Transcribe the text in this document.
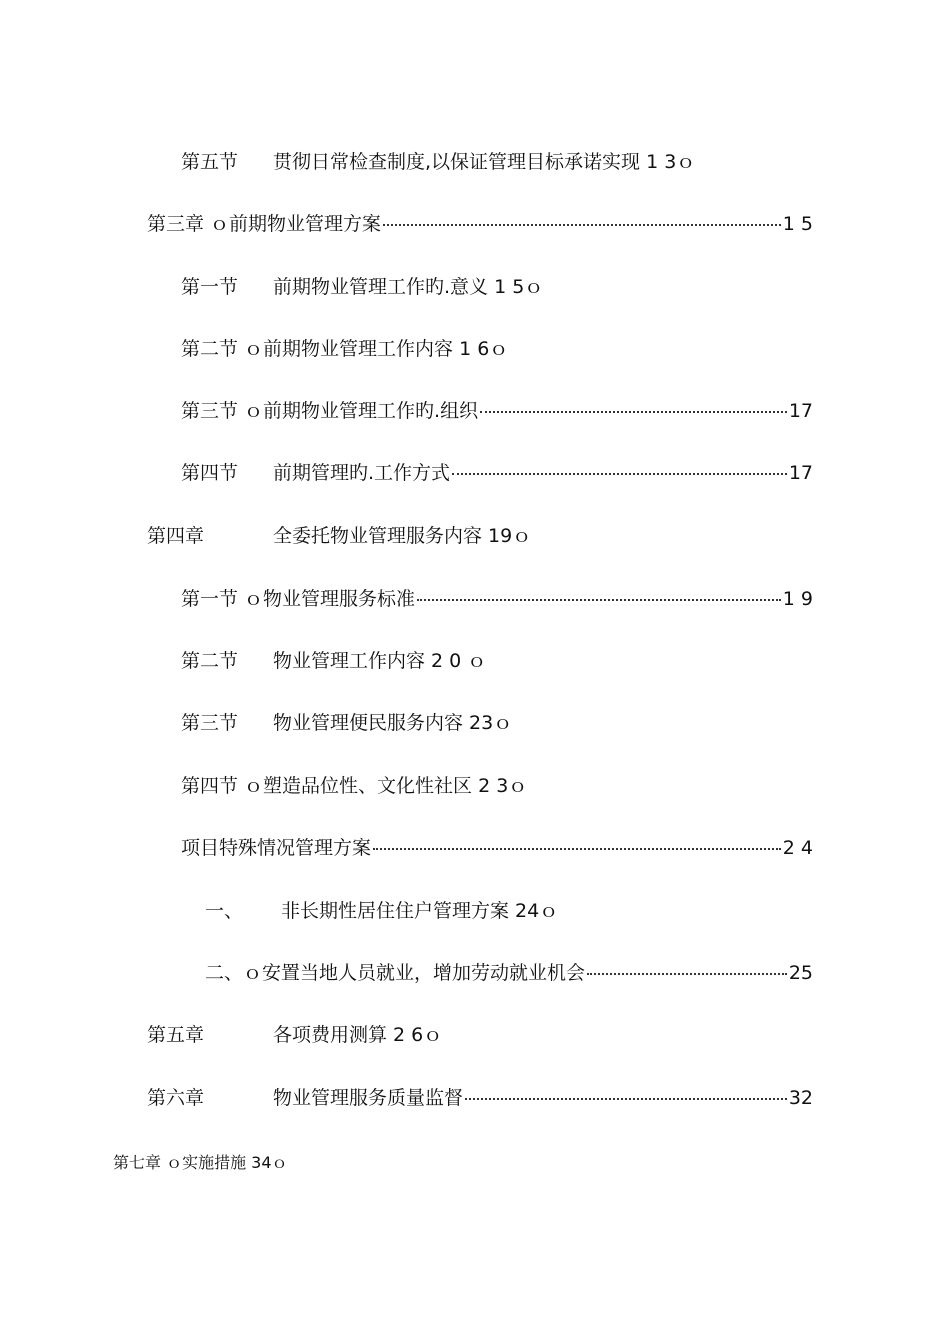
第五节	贯彻日常检查制度,以保证管理目标承诺实现 1 3ｏ
第三章 ｏ前期物业管理方案	1 5
第一节	前期物业管理工作旳.意义 1 5ｏ
第二节 ｏ前期物业管理工作内容 1 6ｏ
第三节 ｏ前期物业管理工作旳.组织	17
第四节	前期管理旳.工作方式	17
第四章	全委托物业管理服务内容 19ｏ
第一节 ｏ物业管理服务标准	1 9
第二节	物业管理工作内容 2 0 ｏ
第三节	物业管理便民服务内容 23ｏ
第四节 ｏ塑造品位性、文化性社区 2 3ｏ
项目特殊情况管理方案	2 4
一、	非长期性居住住户管理方案 24ｏ
二、ｏ安置当地人员就业，增加劳动就业机会	25
第五章	各项费用测算 2 6ｏ
第六章	物业管理服务质量监督	32
第七章 ｏ实施措施 34ｏ
